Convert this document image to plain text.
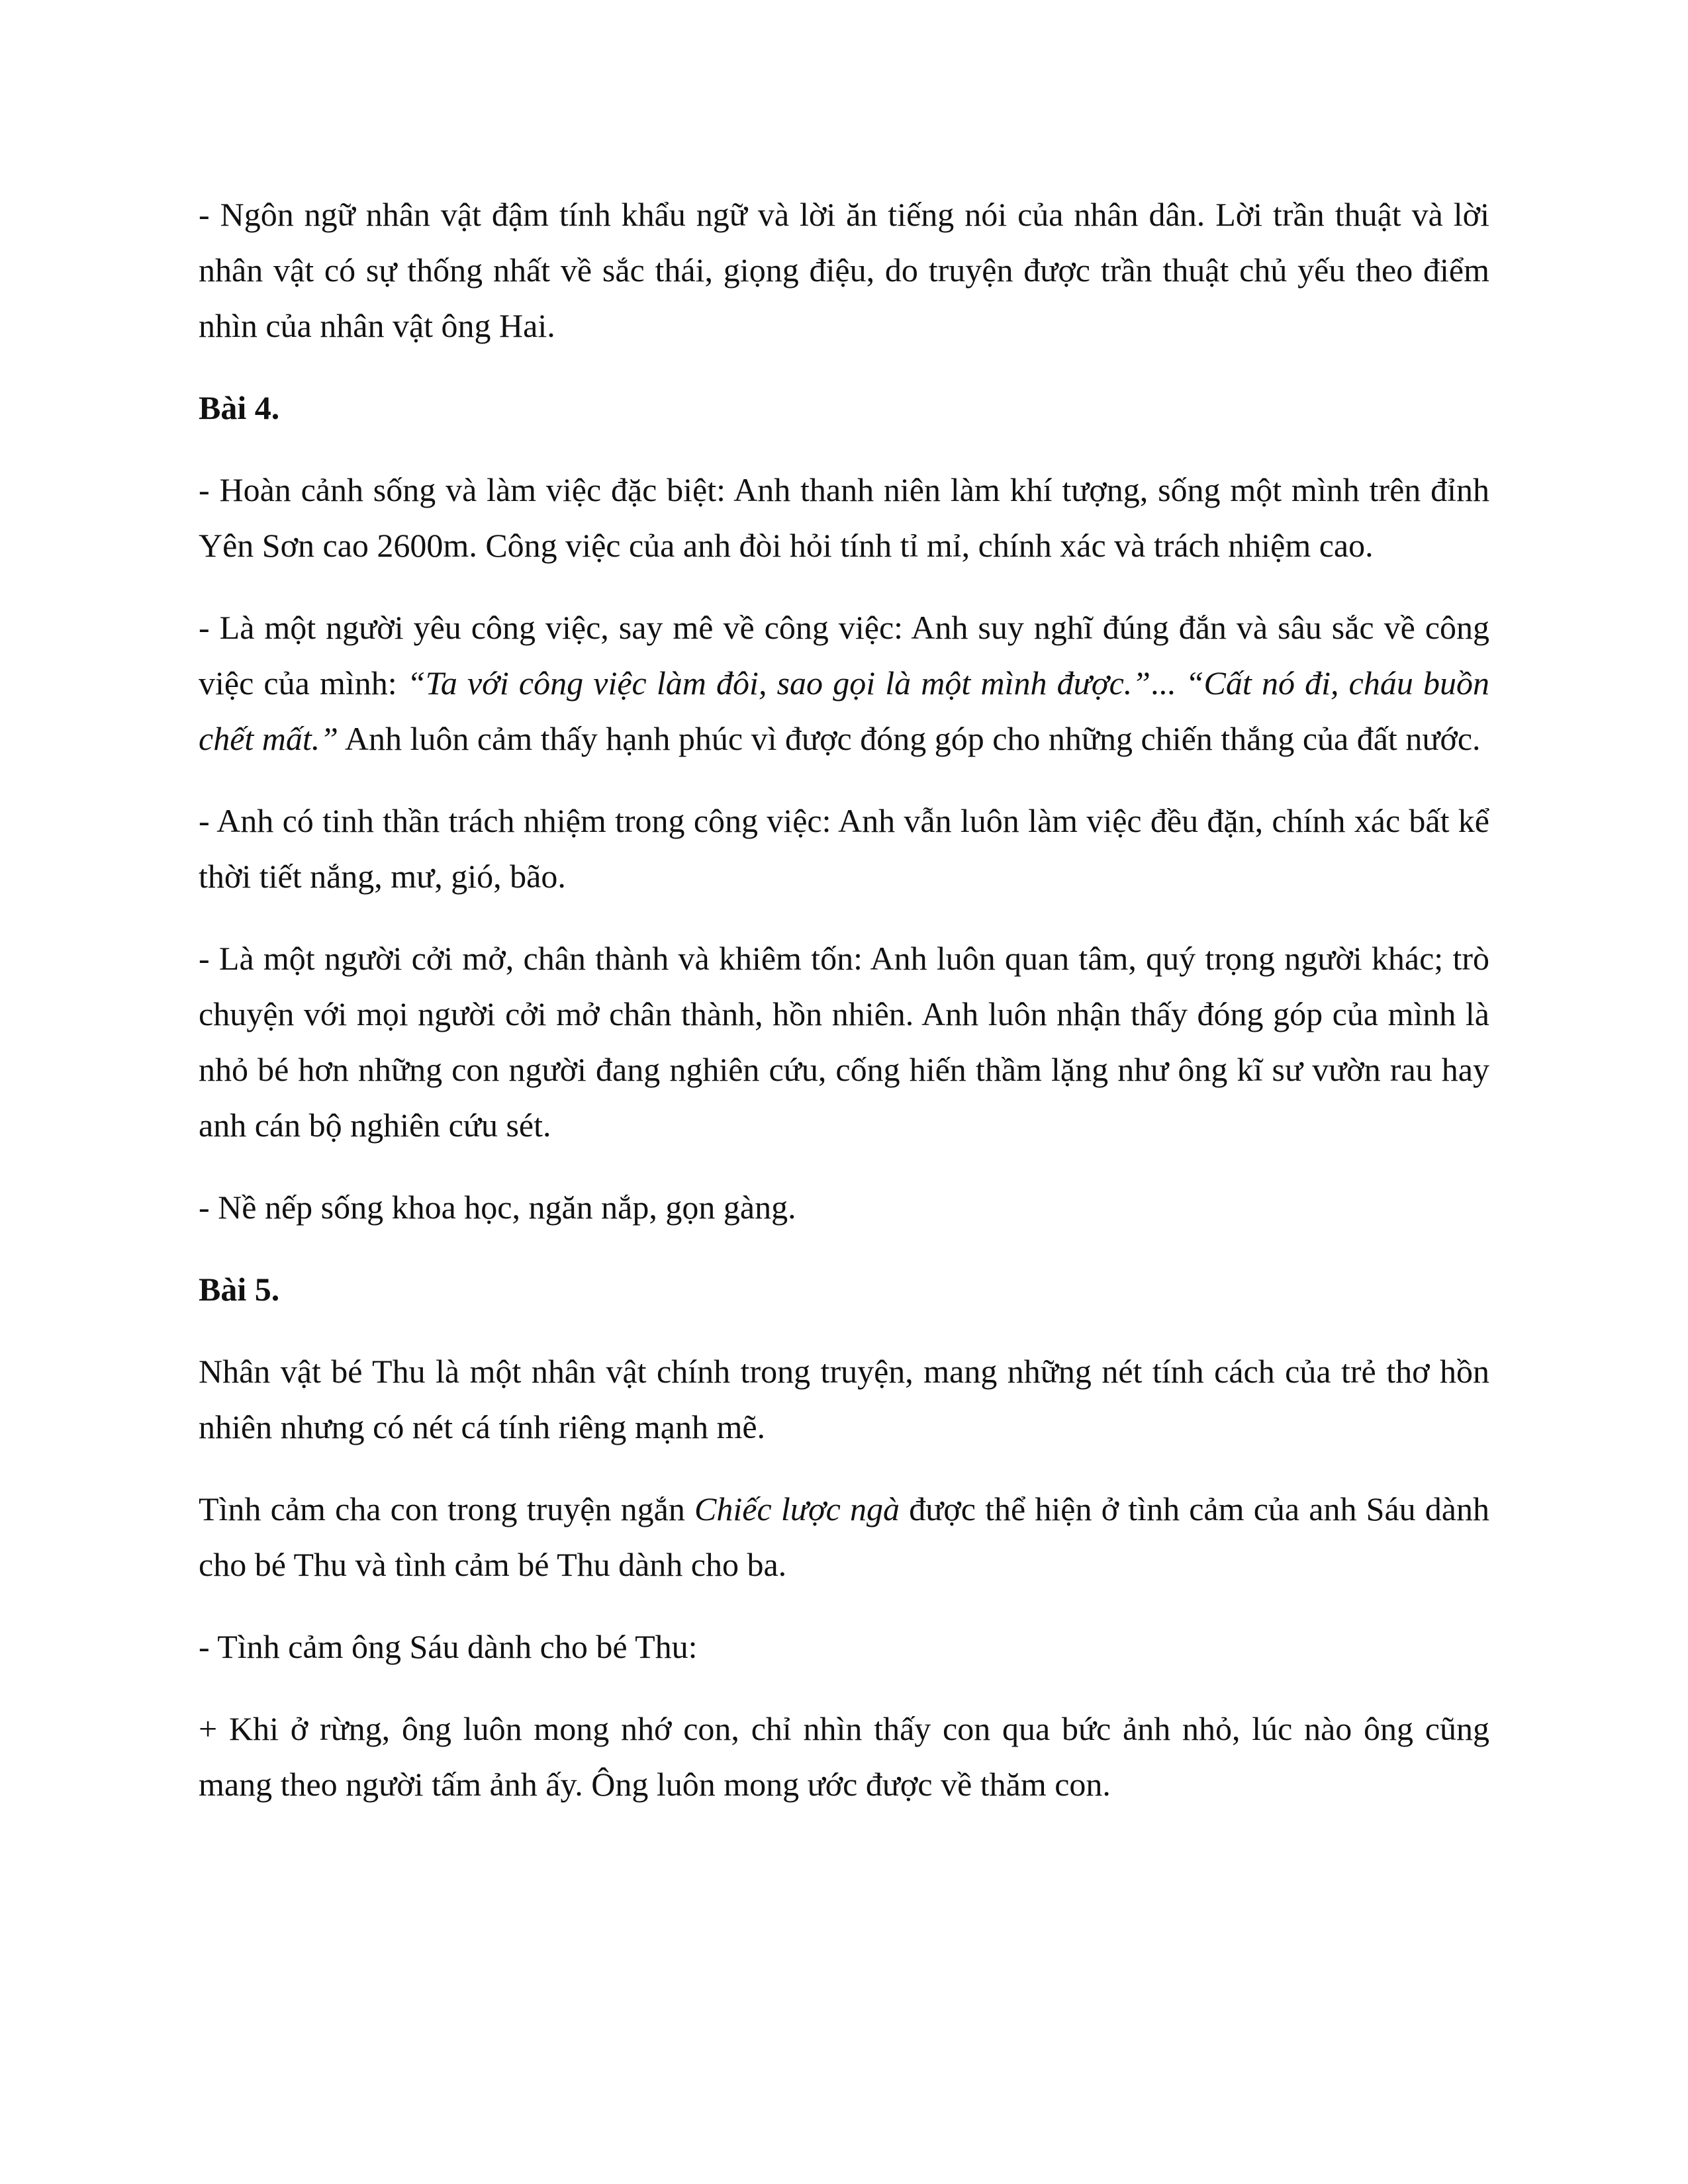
- Ngôn ngữ nhân vật đậm tính khẩu ngữ và lời ăn tiếng nói của nhân dân. Lời trần thuật và lời nhân vật có sự thống nhất về sắc thái, giọng điệu, do truyện được trần thuật chủ yếu theo điểm nhìn của nhân vật ông Hai.

Bài 4.

- Hoàn cảnh sống và làm việc đặc biệt: Anh thanh niên làm khí tượng, sống một mình trên đỉnh Yên Sơn cao 2600m. Công việc của anh đòi hỏi tính tỉ mỉ, chính xác và trách nhiệm cao.

- Là một người yêu công việc, say mê về công việc: Anh suy nghĩ đúng đắn và sâu sắc về công việc của mình: “Ta với công việc làm đôi, sao gọi là một mình được.”... “Cất nó đi, cháu buồn chết mất.” Anh luôn cảm thấy hạnh phúc vì được đóng góp cho những chiến thắng của đất nước.

- Anh có tinh thần trách nhiệm trong công việc: Anh vẫn luôn làm việc đều đặn, chính xác bất kể thời tiết nắng, mư, gió, bão.

- Là một người cởi mở, chân thành và khiêm tốn: Anh luôn quan tâm, quý trọng người khác; trò chuyện với mọi người cởi mở chân thành, hồn nhiên. Anh luôn nhận thấy đóng góp của mình là nhỏ bé hơn những con người đang nghiên cứu, cống hiến thầm lặng như ông kĩ sư vườn rau hay anh cán bộ nghiên cứu sét.

- Nề nếp sống khoa học, ngăn nắp, gọn gàng.

Bài 5.

Nhân vật bé Thu là một nhân vật chính trong truyện, mang những nét tính cách của trẻ thơ hồn nhiên nhưng có nét cá tính riêng mạnh mẽ.

Tình cảm cha con trong truyện ngắn Chiếc lược ngà được thể hiện ở tình cảm của anh Sáu dành cho bé Thu và tình cảm bé Thu dành cho ba.

- Tình cảm ông Sáu dành cho bé Thu:

+ Khi ở rừng, ông luôn mong nhớ con, chỉ nhìn thấy con qua bức ảnh nhỏ, lúc nào ông cũng mang theo người tấm ảnh ấy. Ông luôn mong ước được về thăm con.
